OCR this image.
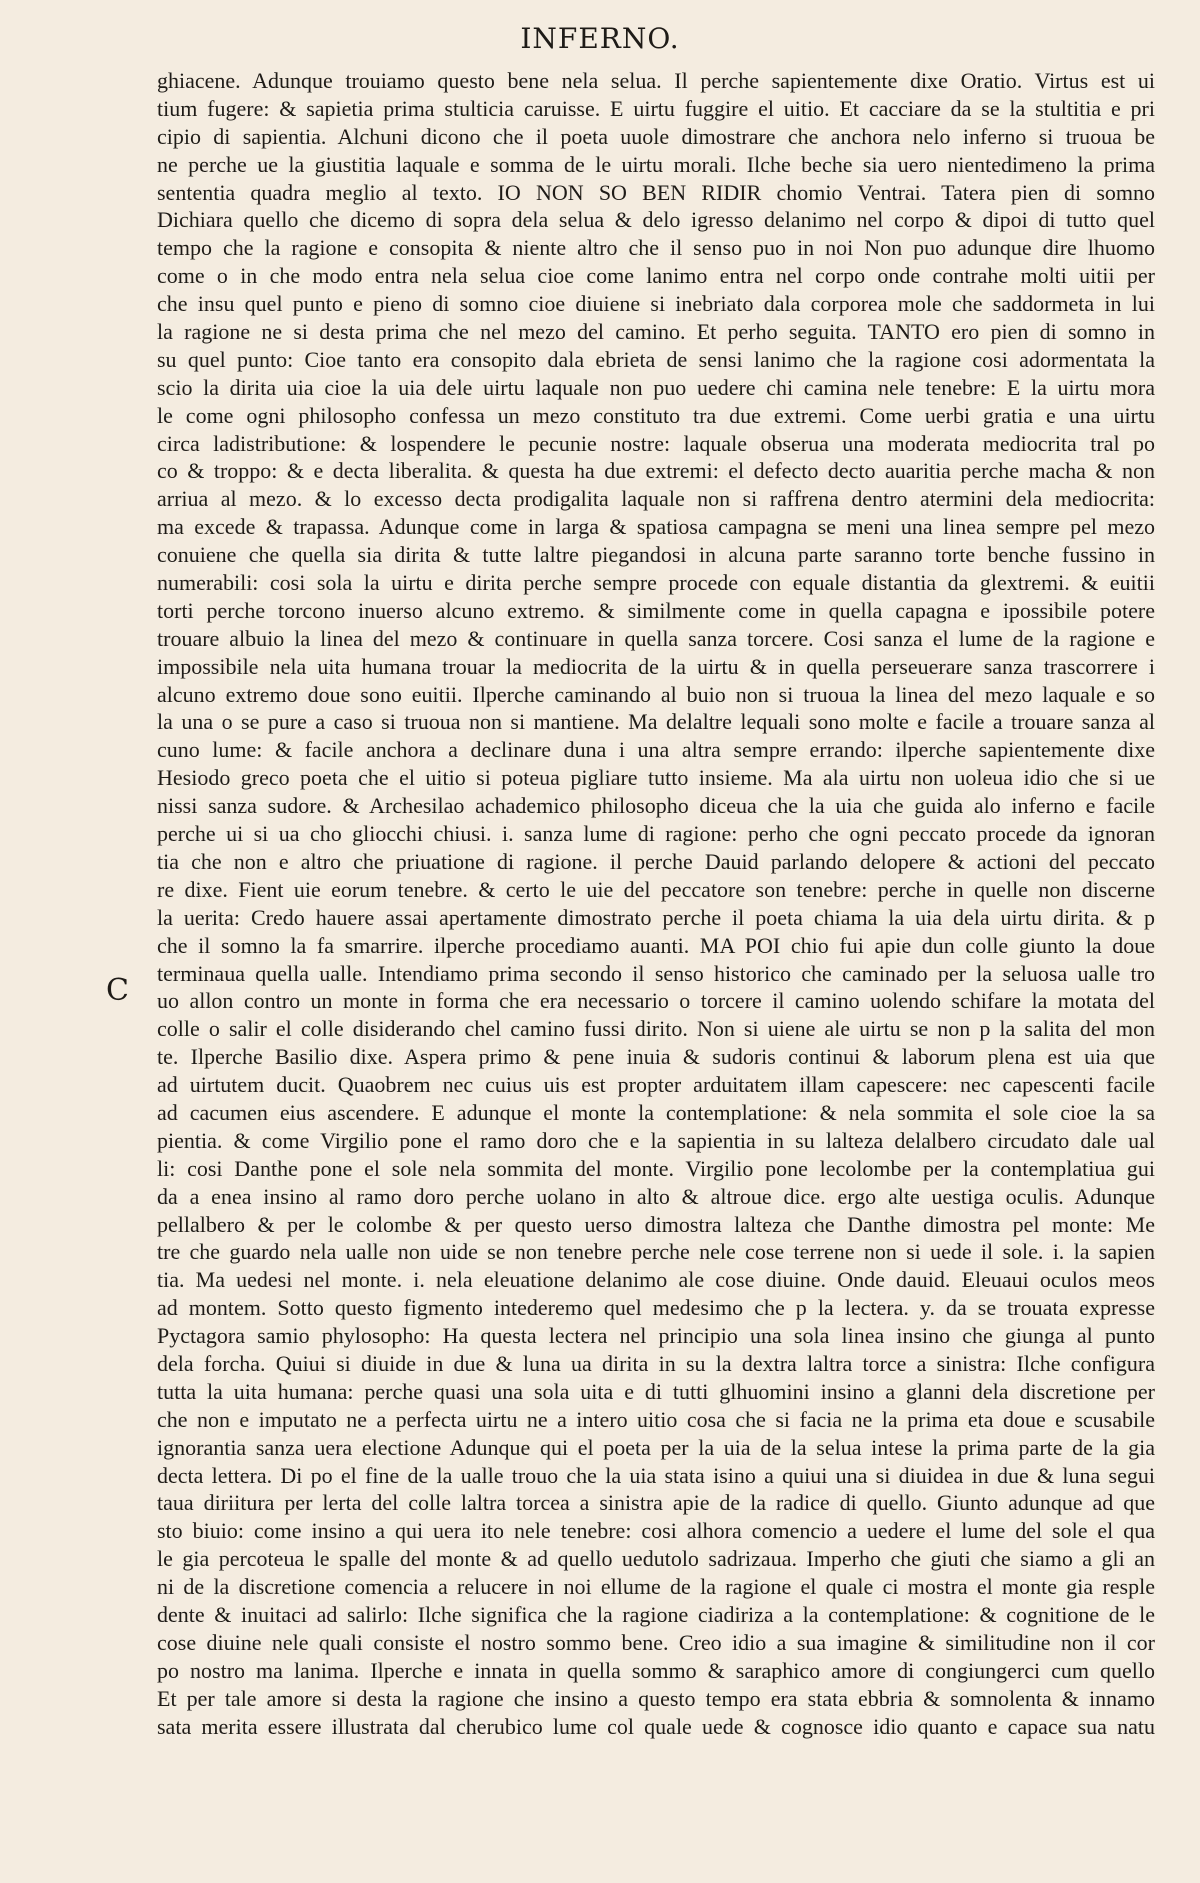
INFERNO.
C
ghiacene. Adunque trouiamo questo bene nela selua. Il perche sapientemente dixe Oratio. Virtus est ui
tium fugere: & sapietia prima stulticia caruisse. E uirtu fuggire el uitio. Et cacciare da se la stultitia e pri
cipio di sapientia. Alchuni dicono che il poeta uuole dimostrare che anchora nelo inferno si truoua be
ne perche ue la giustitia laquale e somma de le uirtu morali. Ilche beche sia uero nientedimeno la prima
sententia quadra meglio al texto. IO NON SO BEN RIDIR chomio Ventrai. Tatera pien di somno
Dichiara quello che dicemo di sopra dela selua & delo igresso delanimo nel corpo & dipoi di tutto quel
tempo che la ragione e consopita & niente altro che il senso puo in noi Non puo adunque dire lhuomo
come o in che modo entra nela selua cioe come lanimo entra nel corpo onde contrahe molti uitii per
che insu quel punto e pieno di somno cioe diuiene si inebriato dala corporea mole che saddormeta in lui
la ragione ne si desta prima che nel mezo del camino. Et perho seguita. TANTO ero pien di somno in
su quel punto: Cioe tanto era consopito dala ebrieta de sensi lanimo che la ragione cosi adormentata la
scio la dirita uia cioe la uia dele uirtu laquale non puo uedere chi camina nele tenebre: E la uirtu mora
le come ogni philosopho confessa un mezo constituto tra due extremi. Come uerbi gratia e una uirtu
circa ladistributione: & lospendere le pecunie nostre: laquale obserua una moderata mediocrita tral po
co & troppo: & e decta liberalita. & questa ha due extremi: el defecto decto auaritia perche macha & non
arriua al mezo. & lo excesso decta prodigalita laquale non si raffrena dentro atermini dela mediocrita:
ma excede & trapassa. Adunque come in larga & spatiosa campagna se meni una linea sempre pel mezo
conuiene che quella sia dirita & tutte laltre piegandosi in alcuna parte saranno torte benche fussino in
numerabili: cosi sola la uirtu e dirita perche sempre procede con equale distantia da glextremi. & euitii
torti perche torcono inuerso alcuno extremo. & similmente come in quella capagna e ipossibile potere
trouare albuio la linea del mezo & continuare in quella sanza torcere. Cosi sanza el lume de la ragione e
impossibile nela uita humana trouar la mediocrita de la uirtu & in quella perseuerare sanza trascorrere i
alcuno extremo doue sono euitii. Ilperche caminando al buio non si truoua la linea del mezo laquale e so
la una o se pure a caso si truoua non si mantiene. Ma delaltre lequali sono molte e facile a trouare sanza al
cuno lume: & facile anchora a declinare duna i una altra sempre errando: ilperche sapientemente dixe
Hesiodo greco poeta che el uitio si poteua pigliare tutto insieme. Ma ala uirtu non uoleua idio che si ue
nissi sanza sudore. & Archesilao achademico philosopho diceua che la uia che guida alo inferno e facile
perche ui si ua cho gliocchi chiusi. i. sanza lume di ragione: perho che ogni peccato procede da ignoran
tia che non e altro che priuatione di ragione. il perche Dauid parlando delopere & actioni del peccato
re dixe. Fient uie eorum tenebre. & certo le uie del peccatore son tenebre: perche in quelle non discerne
la uerita: Credo hauere assai apertamente dimostrato perche il poeta chiama la uia dela uirtu dirita. & p
che il somno la fa smarrire. ilperche procediamo auanti. MA POI chio fui apie dun colle giunto la doue
terminaua quella ualle. Intendiamo prima secondo il senso historico che caminado per la seluosa ualle tro
uo allon contro un monte in forma che era necessario o torcere il camino uolendo schifare la motata del
colle o salir el colle disiderando chel camino fussi dirito. Non si uiene ale uirtu se non p la salita del mon
te. Ilperche Basilio dixe. Aspera primo & pene inuia & sudoris continui & laborum plena est uia que
ad uirtutem ducit. Quaobrem nec cuius uis est propter arduitatem illam capescere: nec capescenti facile
ad cacumen eius ascendere. E adunque el monte la contemplatione: & nela sommita el sole cioe la sa
pientia. & come Virgilio pone el ramo doro che e la sapientia in su lalteza delalbero circudato dale ual
li: cosi Danthe pone el sole nela sommita del monte. Virgilio pone lecolombe per la contemplatiua gui
da a enea insino al ramo doro perche uolano in alto & altroue dice. ergo alte uestiga oculis. Adunque
pellalbero & per le colombe & per questo uerso dimostra lalteza che Danthe dimostra pel monte: Me
tre che guardo nela ualle non uide se non tenebre perche nele cose terrene non si uede il sole. i. la sapien
tia. Ma uedesi nel monte. i. nela eleuatione delanimo ale cose diuine. Onde dauid. Eleuaui oculos meos
ad montem. Sotto questo figmento intederemo quel medesimo che p la lectera. y. da se trouata expresse
Pyctagora samio phylosopho: Ha questa lectera nel principio una sola linea insino che giunga al punto
dela forcha. Quiui si diuide in due & luna ua dirita in su la dextra laltra torce a sinistra: Ilche configura
tutta la uita humana: perche quasi una sola uita e di tutti glhuomini insino a glanni dela discretione per
che non e imputato ne a perfecta uirtu ne a intero uitio cosa che si facia ne la prima eta doue e scusabile
ignorantia sanza uera electione Adunque qui el poeta per la uia de la selua intese la prima parte de la gia
decta lettera. Di po el fine de la ualle trouo che la uia stata isino a quiui una si diuidea in due & luna segui
taua diriitura per lerta del colle laltra torcea a sinistra apie de la radice di quello. Giunto adunque ad que
sto biuio: come insino a qui uera ito nele tenebre: cosi alhora comencio a uedere el lume del sole el qua
le gia percoteua le spalle del monte & ad quello uedutolo sadrizaua. Imperho che giuti che siamo a gli an
ni de la discretione comencia a relucere in noi ellume de la ragione el quale ci mostra el monte gia resple
dente & inuitaci ad salirlo: Ilche significa che la ragione ciadiriza a la contemplatione: & cognitione de le
cose diuine nele quali consiste el nostro sommo bene. Creo idio a sua imagine & similitudine non il cor
po nostro ma lanima. Ilperche e innata in quella sommo & saraphico amore di congiungerci cum quello
Et per tale amore si desta la ragione che insino a questo tempo era stata ebbria & somnolenta & innamo
sata merita essere illustrata dal cherubico lume col quale uede & cognosce idio quanto e capace sua natu
